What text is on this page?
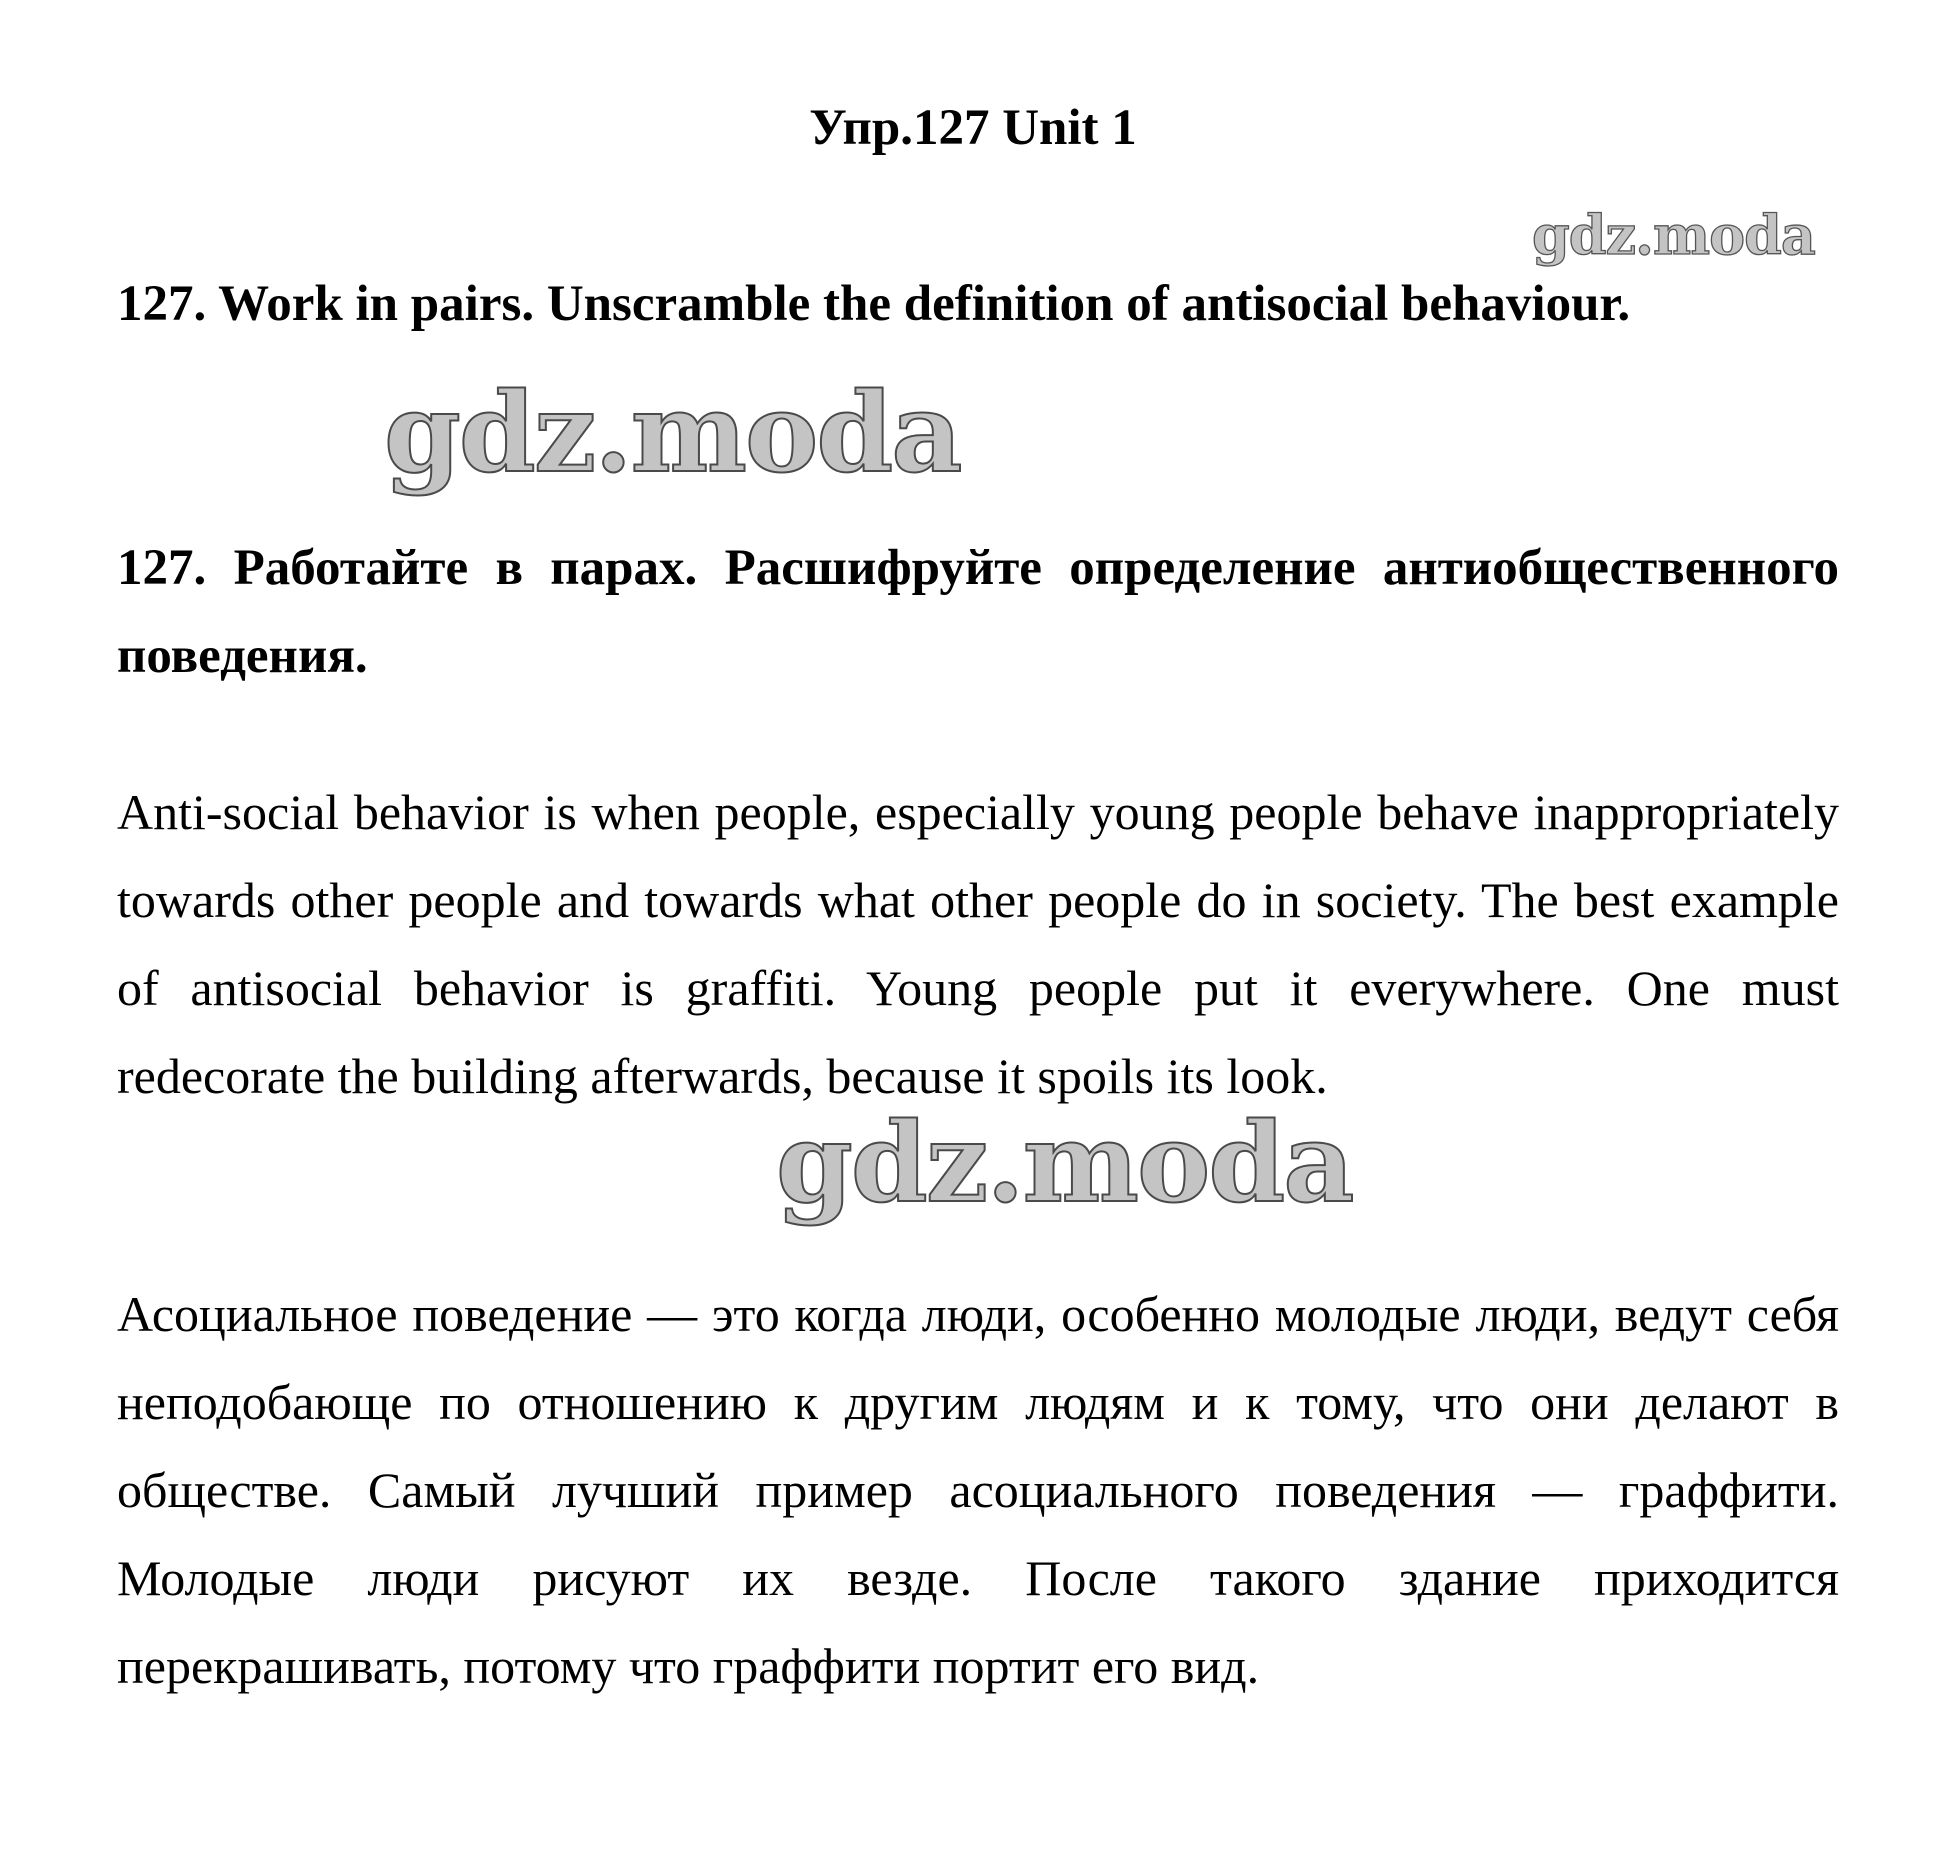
Упр.127 Unit 1
gdz.moda

127. Work in pairs. Unscramble the definition of antisocial behaviour.

gdz.moda

127. Работайте в парах. Расшифруйте определение антиобщественного поведения.

Anti-social behavior is when people, especially young people behave inappropriately towards other people and towards what other people do in society. The best example of antisocial behavior is graffiti. Young people put it everywhere. One must redecorate the building afterwards, because it spoils its look.

gdz.moda

Асоциальное поведение — это когда люди, особенно молодые люди, ведут себя неподобающе по отношению к другим людям и к тому, что они делают в обществе. Самый лучший пример асоциального поведения — граффити. Молодые люди рисуют их везде. После такого здание приходится перекрашивать, потому что граффити портит его вид.
